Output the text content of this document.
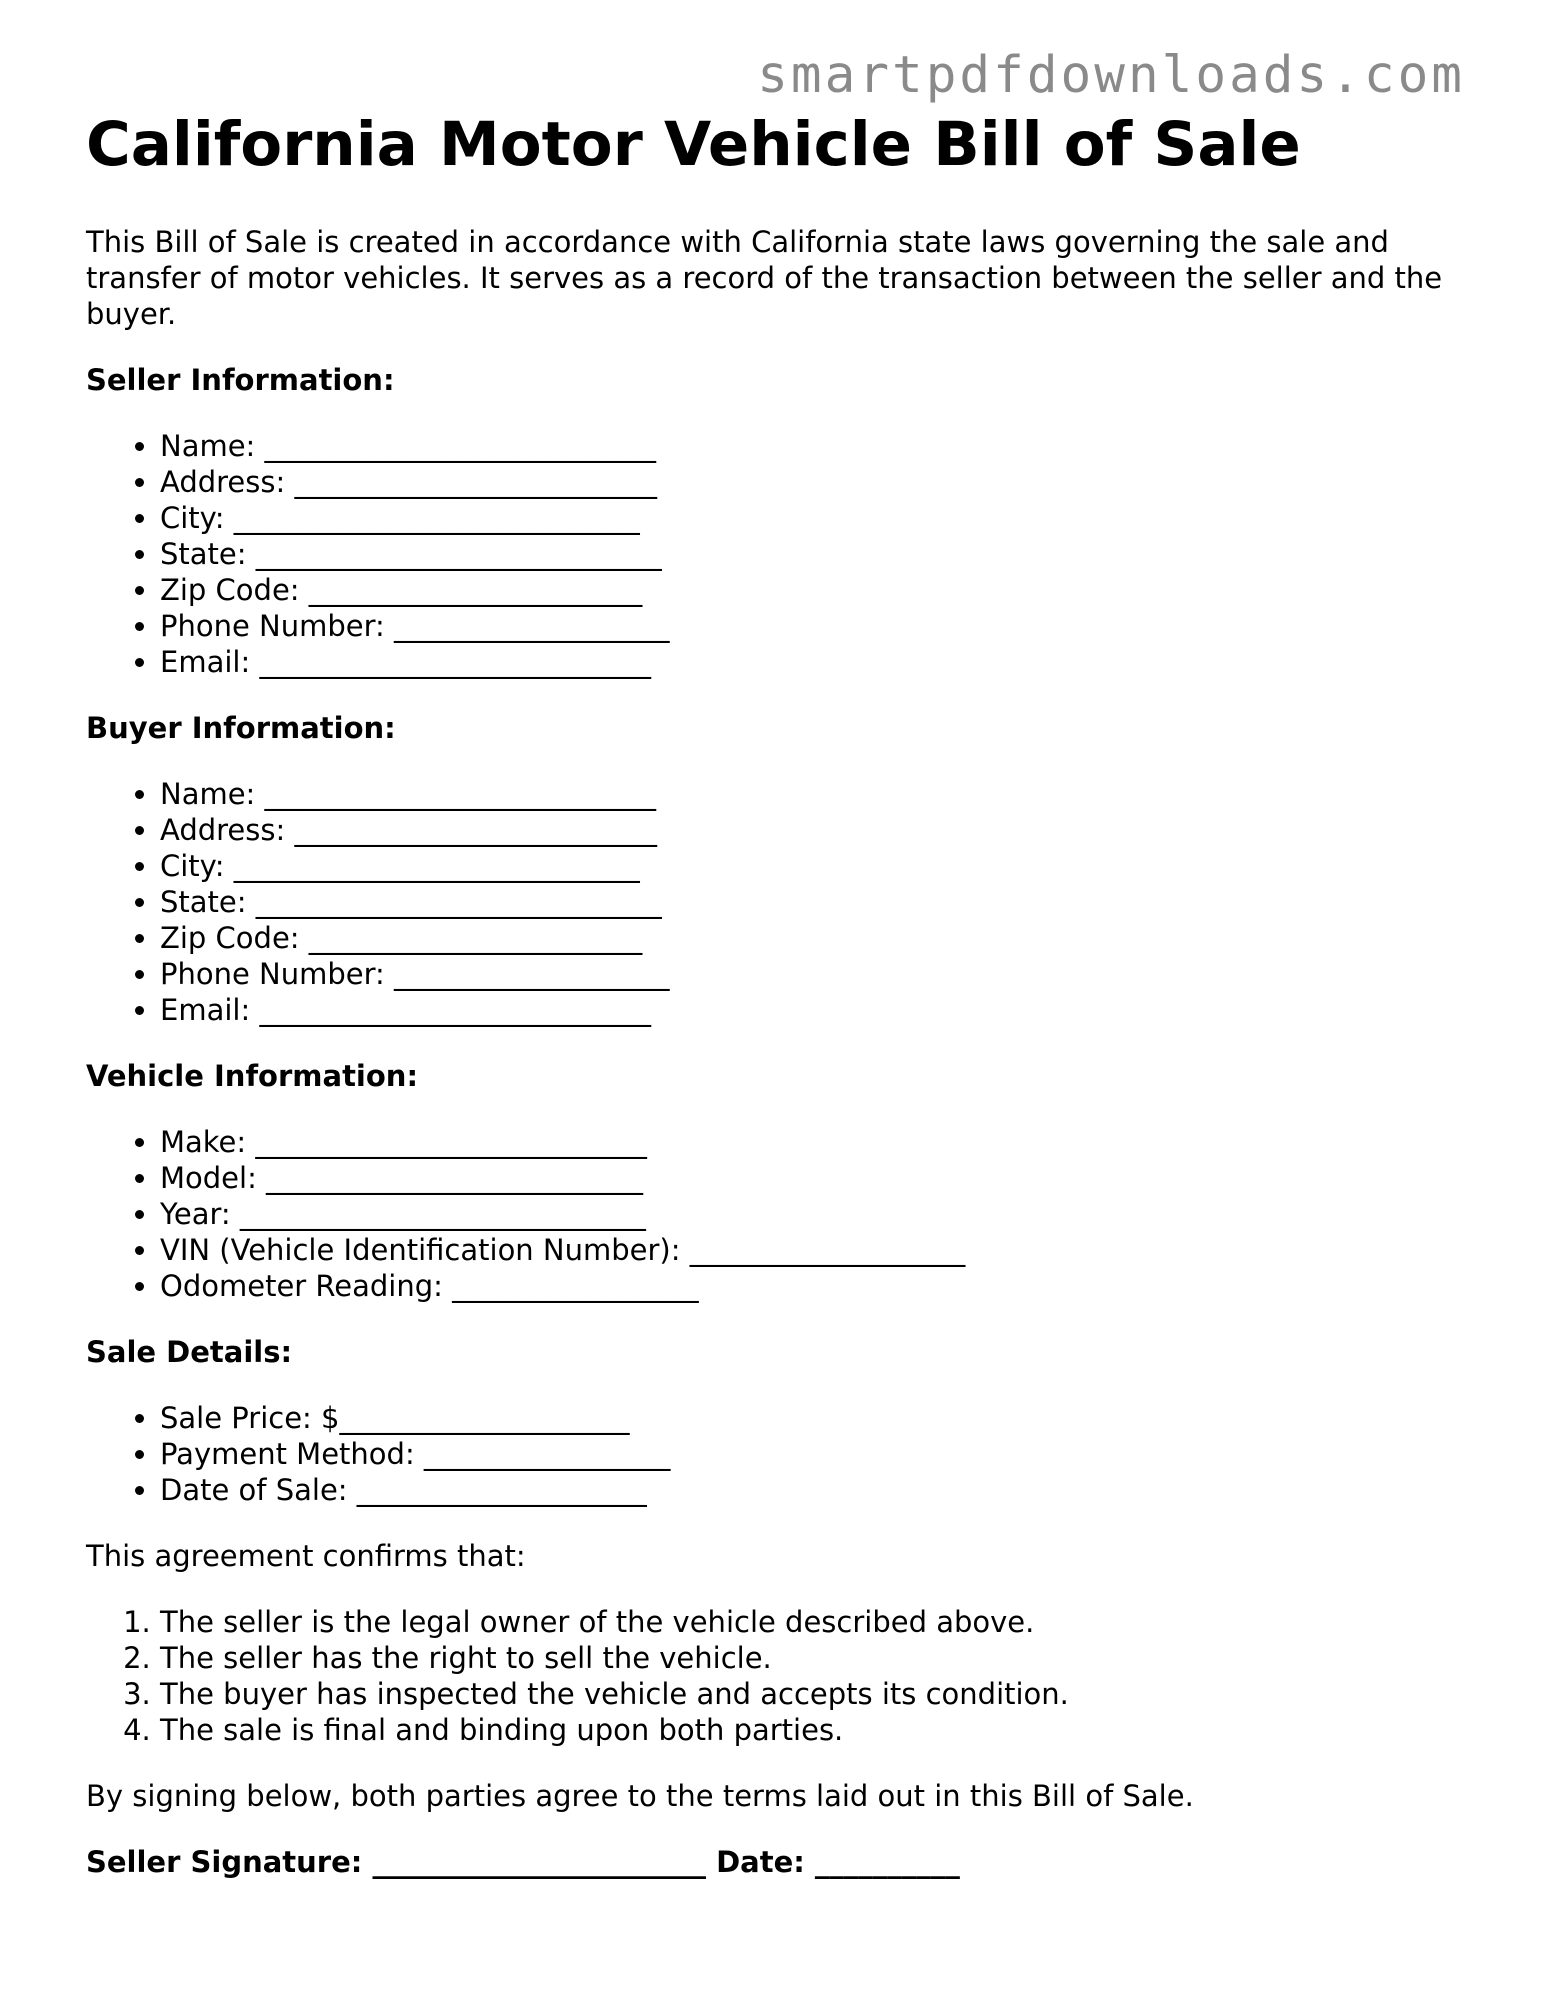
smartpdfdownloads.com
California Motor Vehicle Bill of Sale

This Bill of Sale is created in accordance with California state laws governing the sale and transfer of motor vehicles. It serves as a record of the transaction between the seller and the buyer.

Seller Information:
• Name: ___________________________
• Address: _________________________
• City: ____________________________
• State: ____________________________
• Zip Code: _______________________
• Phone Number: ___________________
• Email: ___________________________
Buyer Information:
• Name: ___________________________
• Address: _________________________
• City: ____________________________
• State: ____________________________
• Zip Code: _______________________
• Phone Number: ___________________
• Email: ___________________________
Vehicle Information:
• Make: ___________________________
• Model: __________________________
• Year: ____________________________
• VIN (Vehicle Identification Number): ___________________
• Odometer Reading: _________________
Sale Details:
• Sale Price: $____________________
• Payment Method: _________________
• Date of Sale: ____________________

This agreement confirms that:

1. The seller is the legal owner of the vehicle described above.
2. The seller has the right to sell the vehicle.
3. The buyer has inspected the vehicle and accepts its condition.
4. The sale is final and binding upon both parties.

By signing below, both parties agree to the terms laid out in this Bill of Sale.

Seller Signature: _______________________ Date: __________
